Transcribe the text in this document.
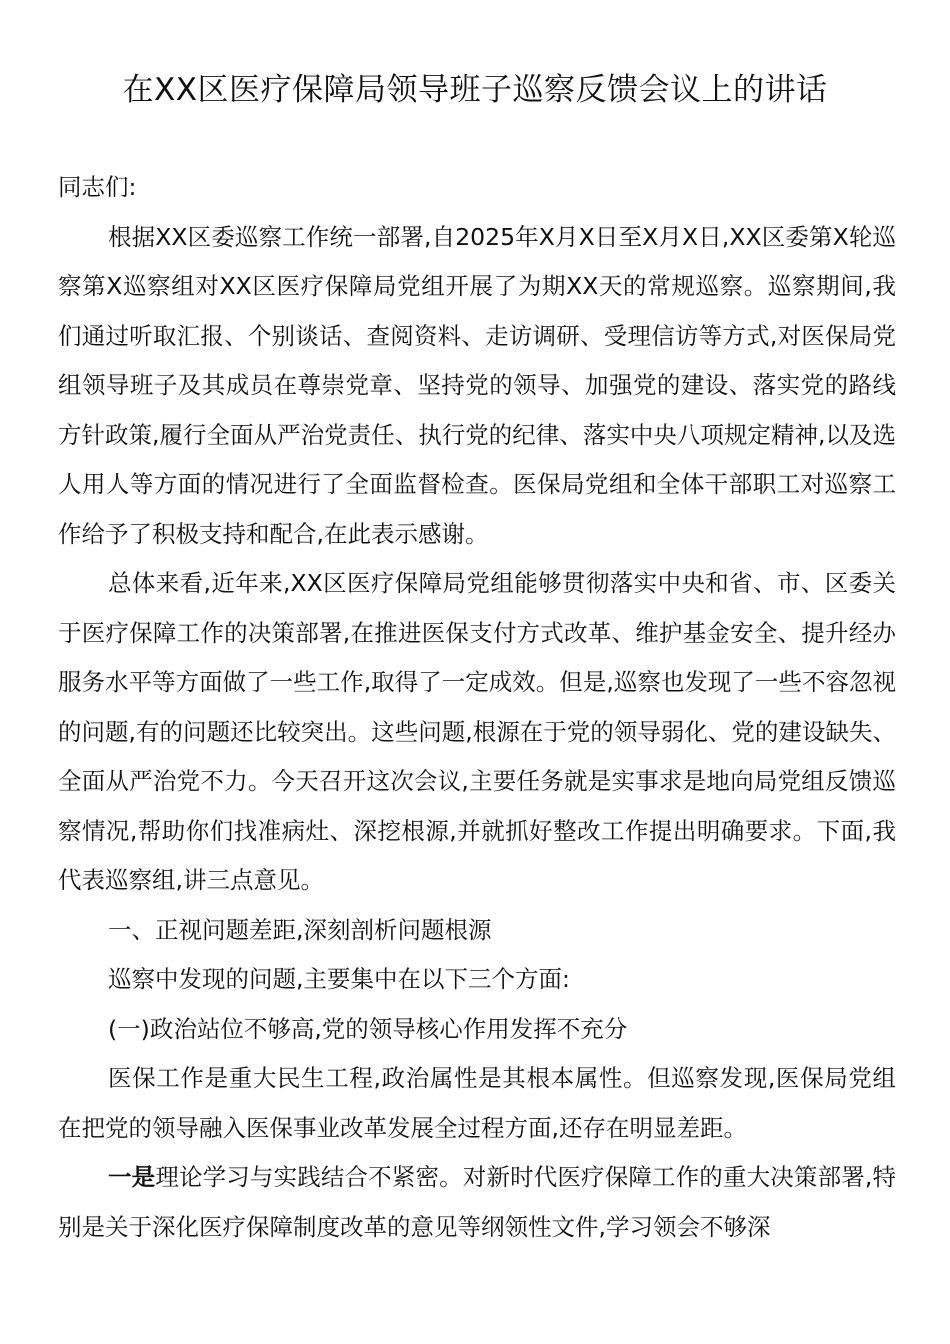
在XX区医疗保障局领导班子巡察反馈会议上的讲话

同志们:

根据XX区委巡察工作统一部署,自2025年X月X日至X月X日,XX区委第X轮巡察第X巡察组对XX区医疗保障局党组开展了为期XX天的常规巡察。巡察期间,我们通过听取汇报、个别谈话、查阅资料、走访调研、受理信访等方式,对医保局党组领导班子及其成员在尊崇党章、坚持党的领导、加强党的建设、落实党的路线方针政策,履行全面从严治党责任、执行党的纪律、落实中央八项规定精神,以及选人用人等方面的情况进行了全面监督检查。医保局党组和全体干部职工对巡察工作给予了积极支持和配合,在此表示感谢。

总体来看,近年来,XX区医疗保障局党组能够贯彻落实中央和省、市、区委关于医疗保障工作的决策部署,在推进医保支付方式改革、维护基金安全、提升经办服务水平等方面做了一些工作,取得了一定成效。但是,巡察也发现了一些不容忽视的问题,有的问题还比较突出。这些问题,根源在于党的领导弱化、党的建设缺失、全面从严治党不力。今天召开这次会议,主要任务就是实事求是地向局党组反馈巡察情况,帮助你们找准病灶、深挖根源,并就抓好整改工作提出明确要求。下面,我代表巡察组,讲三点意见。

一、正视问题差距,深刻剖析问题根源

巡察中发现的问题,主要集中在以下三个方面:

(一)政治站位不够高,党的领导核心作用发挥不充分

医保工作是重大民生工程,政治属性是其根本属性。但巡察发现,医保局党组在把党的领导融入医保事业改革发展全过程方面,还存在明显差距。

一是理论学习与实践结合不紧密。对新时代医疗保障工作的重大决策部署,特别是关于深化医疗保障制度改革的意见等纲领性文件,学习领会不够深
